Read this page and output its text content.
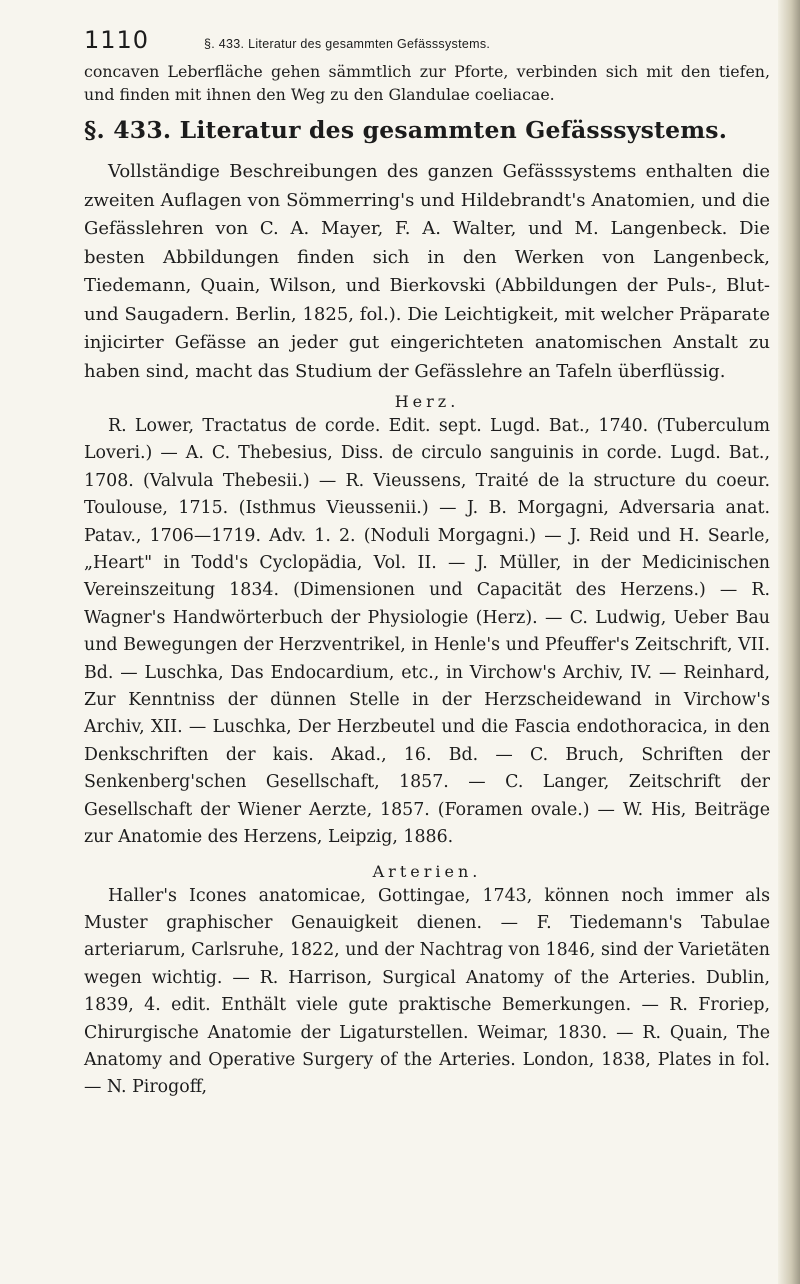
1110	§. 433. Literatur des gesammten Gefässsystems.

concaven Leberfläche gehen sämmtlich zur Pforte, verbinden sich mit den tiefen, und finden mit ihnen den Weg zu den Glandulae coeliacae.

§. 433. Literatur des gesammten Gefässsystems.

Vollständige Beschreibungen des ganzen Gefässsystems enthalten die zweiten Auflagen von Sömmerring's und Hildebrandt's Anatomien, und die Gefässlehren von C. A. Mayer, F. A. Walter, und M. Langenbeck. Die besten Abbildungen finden sich in den Werken von Langenbeck, Tiedemann, Quain, Wilson, und Bierkovski (Abbildungen der Puls-, Blut- und Saugadern. Berlin, 1825, fol.). Die Leichtigkeit, mit welcher Präparate injicirter Gefässe an jeder gut eingerichteten anatomischen Anstalt zu haben sind, macht das Studium der Gefässlehre an Tafeln überflüssig.

Herz.

R. Lower, Tractatus de corde. Edit. sept. Lugd. Bat., 1740. (Tuberculum Loveri.) — A. C. Thebesius, Diss. de circulo sanguinis in corde. Lugd. Bat., 1708. (Valvula Thebesii.) — R. Vieussens, Traité de la structure du coeur. Toulouse, 1715. (Isthmus Vieussenii.) — J. B. Morgagni, Adversaria anat. Patav., 1706—1719. Adv. 1. 2. (Noduli Morgagni.) — J. Reid und H. Searle, „Heart" in Todd's Cyclopädia, Vol. II. — J. Müller, in der Medicinischen Vereinszeitung 1834. (Dimensionen und Capacität des Herzens.) — R. Wagner's Handwörterbuch der Physiologie (Herz). — C. Ludwig, Ueber Bau und Bewegungen der Herzventrikel, in Henle's und Pfeuffer's Zeitschrift, VII. Bd. — Luschka, Das Endocardium, etc., in Virchow's Archiv, IV. — Reinhard, Zur Kenntniss der dünnen Stelle in der Herzscheidewand in Virchow's Archiv, XII. — Luschka, Der Herzbeutel und die Fascia endothoracica, in den Denkschriften der kais. Akad., 16. Bd. — C. Bruch, Schriften der Senkenberg'schen Gesellschaft, 1857. — C. Langer, Zeitschrift der Gesellschaft der Wiener Aerzte, 1857. (Foramen ovale.) — W. His, Beiträge zur Anatomie des Herzens, Leipzig, 1886.

Arterien.

Haller's Icones anatomicae, Gottingae, 1743, können noch immer als Muster graphischer Genauigkeit dienen. — F. Tiedemann's Tabulae arteriarum, Carlsruhe, 1822, und der Nachtrag von 1846, sind der Varietäten wegen wichtig. — R. Harrison, Surgical Anatomy of the Arteries. Dublin, 1839, 4. edit. Enthält viele gute praktische Bemerkungen. — R. Froriep, Chirurgische Anatomie der Ligaturstellen. Weimar, 1830. — R. Quain, The Anatomy and Operative Surgery of the Arteries. London, 1838, Plates in fol. — N. Pirogoff,
